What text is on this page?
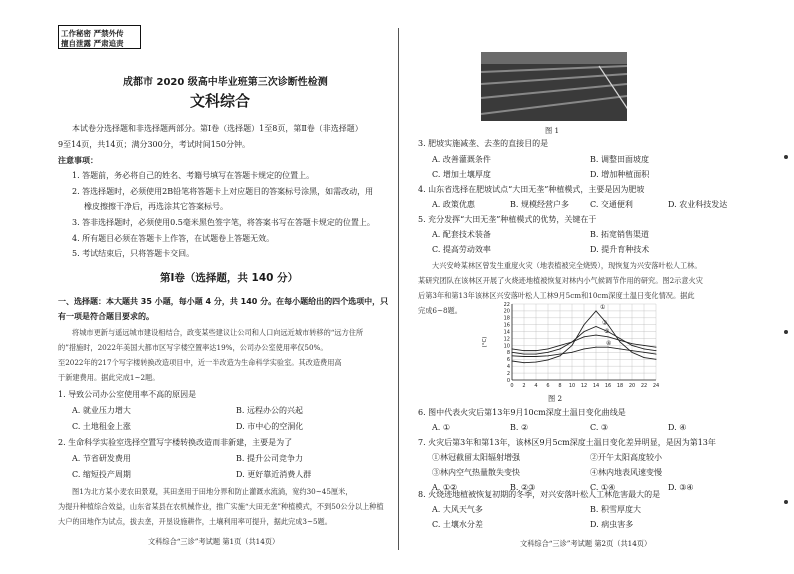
工作秘密 严禁外传
擅自泄露 严肃追责
成都市 2020 级高中毕业班第三次诊断性检测
文科综合
本试卷分选择题和非选择题两部分。第Ⅰ卷（选择题）1至8页，第Ⅱ卷（非选择题）
9至14页，共14页；满分300分，考试时间150分钟。
注意事项：
1. 答题前，务必将自己的姓名、考籍号填写在答题卡规定的位置上。
2. 答选择题时，必须使用2B铅笔将答题卡上对应题目的答案标号涂黑，如需改动，用
橡皮擦擦干净后，再选涂其它答案标号。
3. 答非选择题时，必须使用0.5毫米黑色签字笔，将答案书写在答题卡规定的位置上。
4. 所有题目必须在答题卡上作答，在试题卷上答题无效。
5. 考试结束后，只将答题卡交回。
第Ⅰ卷（选择题，共 140 分）
一、选择题：本大题共 35 小题，每小题 4 分，共 140 分。在每小题给出的四个选项中，只
有一项是符合题目要求的。
将城市更新与遥远城市建设相结合，政变某些建议让公司和人口向远近城市转移的“远方住所
的”措施时，2022年美国大都市区写字楼空置率达19%，公司办公室使用率仅50%。
至2022年的217个写字楼转换改造项目中，近一半改造为生命科学实验室。其改造费用高
于新建费用。据此完成1~2题。
1. 导致公司办公室使用率不高的原因是
A. 就业压力增大	B. 远程办公的兴起
C. 土地租金上涨	D. 市中心的空洞化
2. 生命科学实验室选择空置写字楼转换改造而非新建，主要是为了
A. 节省研发费用	B. 提升公司竞争力
C. 缩短投产周期	D. 更好靠近消费人群
图1为北方某小麦农田景观，其田垄用于田地分界和防止灌溉水流淌，宽约30~45厘米，
为提升种植综合效益，山东省某县在农机械作业，推广实施“大田无垄”种植模式，不到50公分以上种植
大户的田地作为试点，拔去垄，开垦设施耕作，土壤利用率可提升，据此完成3~5题。
文科综合“三诊”考试题 第1页（共14页）
图 1
3. 肥坡实施减垄、去垄的直接目的是
A. 改善灌溉条件	B. 调整田面坡度
C. 增加土壤厚度	D. 增加种植面积
4. 山东省选择在肥坡试点“大田无垄”种植模式，主要是因为肥坡
A. 政策优惠	B. 规模经营户多	C. 交通便利	D. 农业科技发达
5. 充分发挥“大田无垄”种植模式的优势，关键在于
A. 配套技术装备	B. 拓宽销售渠道
C. 提高劳动效率	D. 提升育种技术
大兴安岭某林区曾发生重度火灾（地表植被完全烧毁），现恢复为兴安落叶松人工林。
某研究团队在该林区开展了火烧迹地植被恢复对林内小气候调节作用的研究。图2示意火灾
后第3年和第13年该林区兴安落叶松人工林9月5cm和10cm深度土温日变化情况。据此
完成6~8题。
0 2 4 6 8 10 12 14 16 18 20 22 24
0
2
4
6
8
10
12
14
16
18
20
22
(°C)
①
②
③
④
图 2
6. 图中代表火灾后第13年9月10cm深度土温日变化曲线是
A. ①	B. ②	C. ③	D. ④
7. 火灾后第3年和第13年，该林区9月5cm深度土温日变化差异明显，是因为第13年
①林冠截留太阳辐射增强	②开午太阳高度较小
③林内空气热量散失变快	④林内地表风速变慢
A. ①②	B. ②③	C. ①④	D. ③④
8. 火烧迹地植被恢复初期的冬季，对兴安落叶松人工林危害最大的是
A. 大风天气多	B. 积雪厚度大
C. 土壤水分差	D. 病虫害多
文科综合“三诊”考试题 第2页（共14页）
